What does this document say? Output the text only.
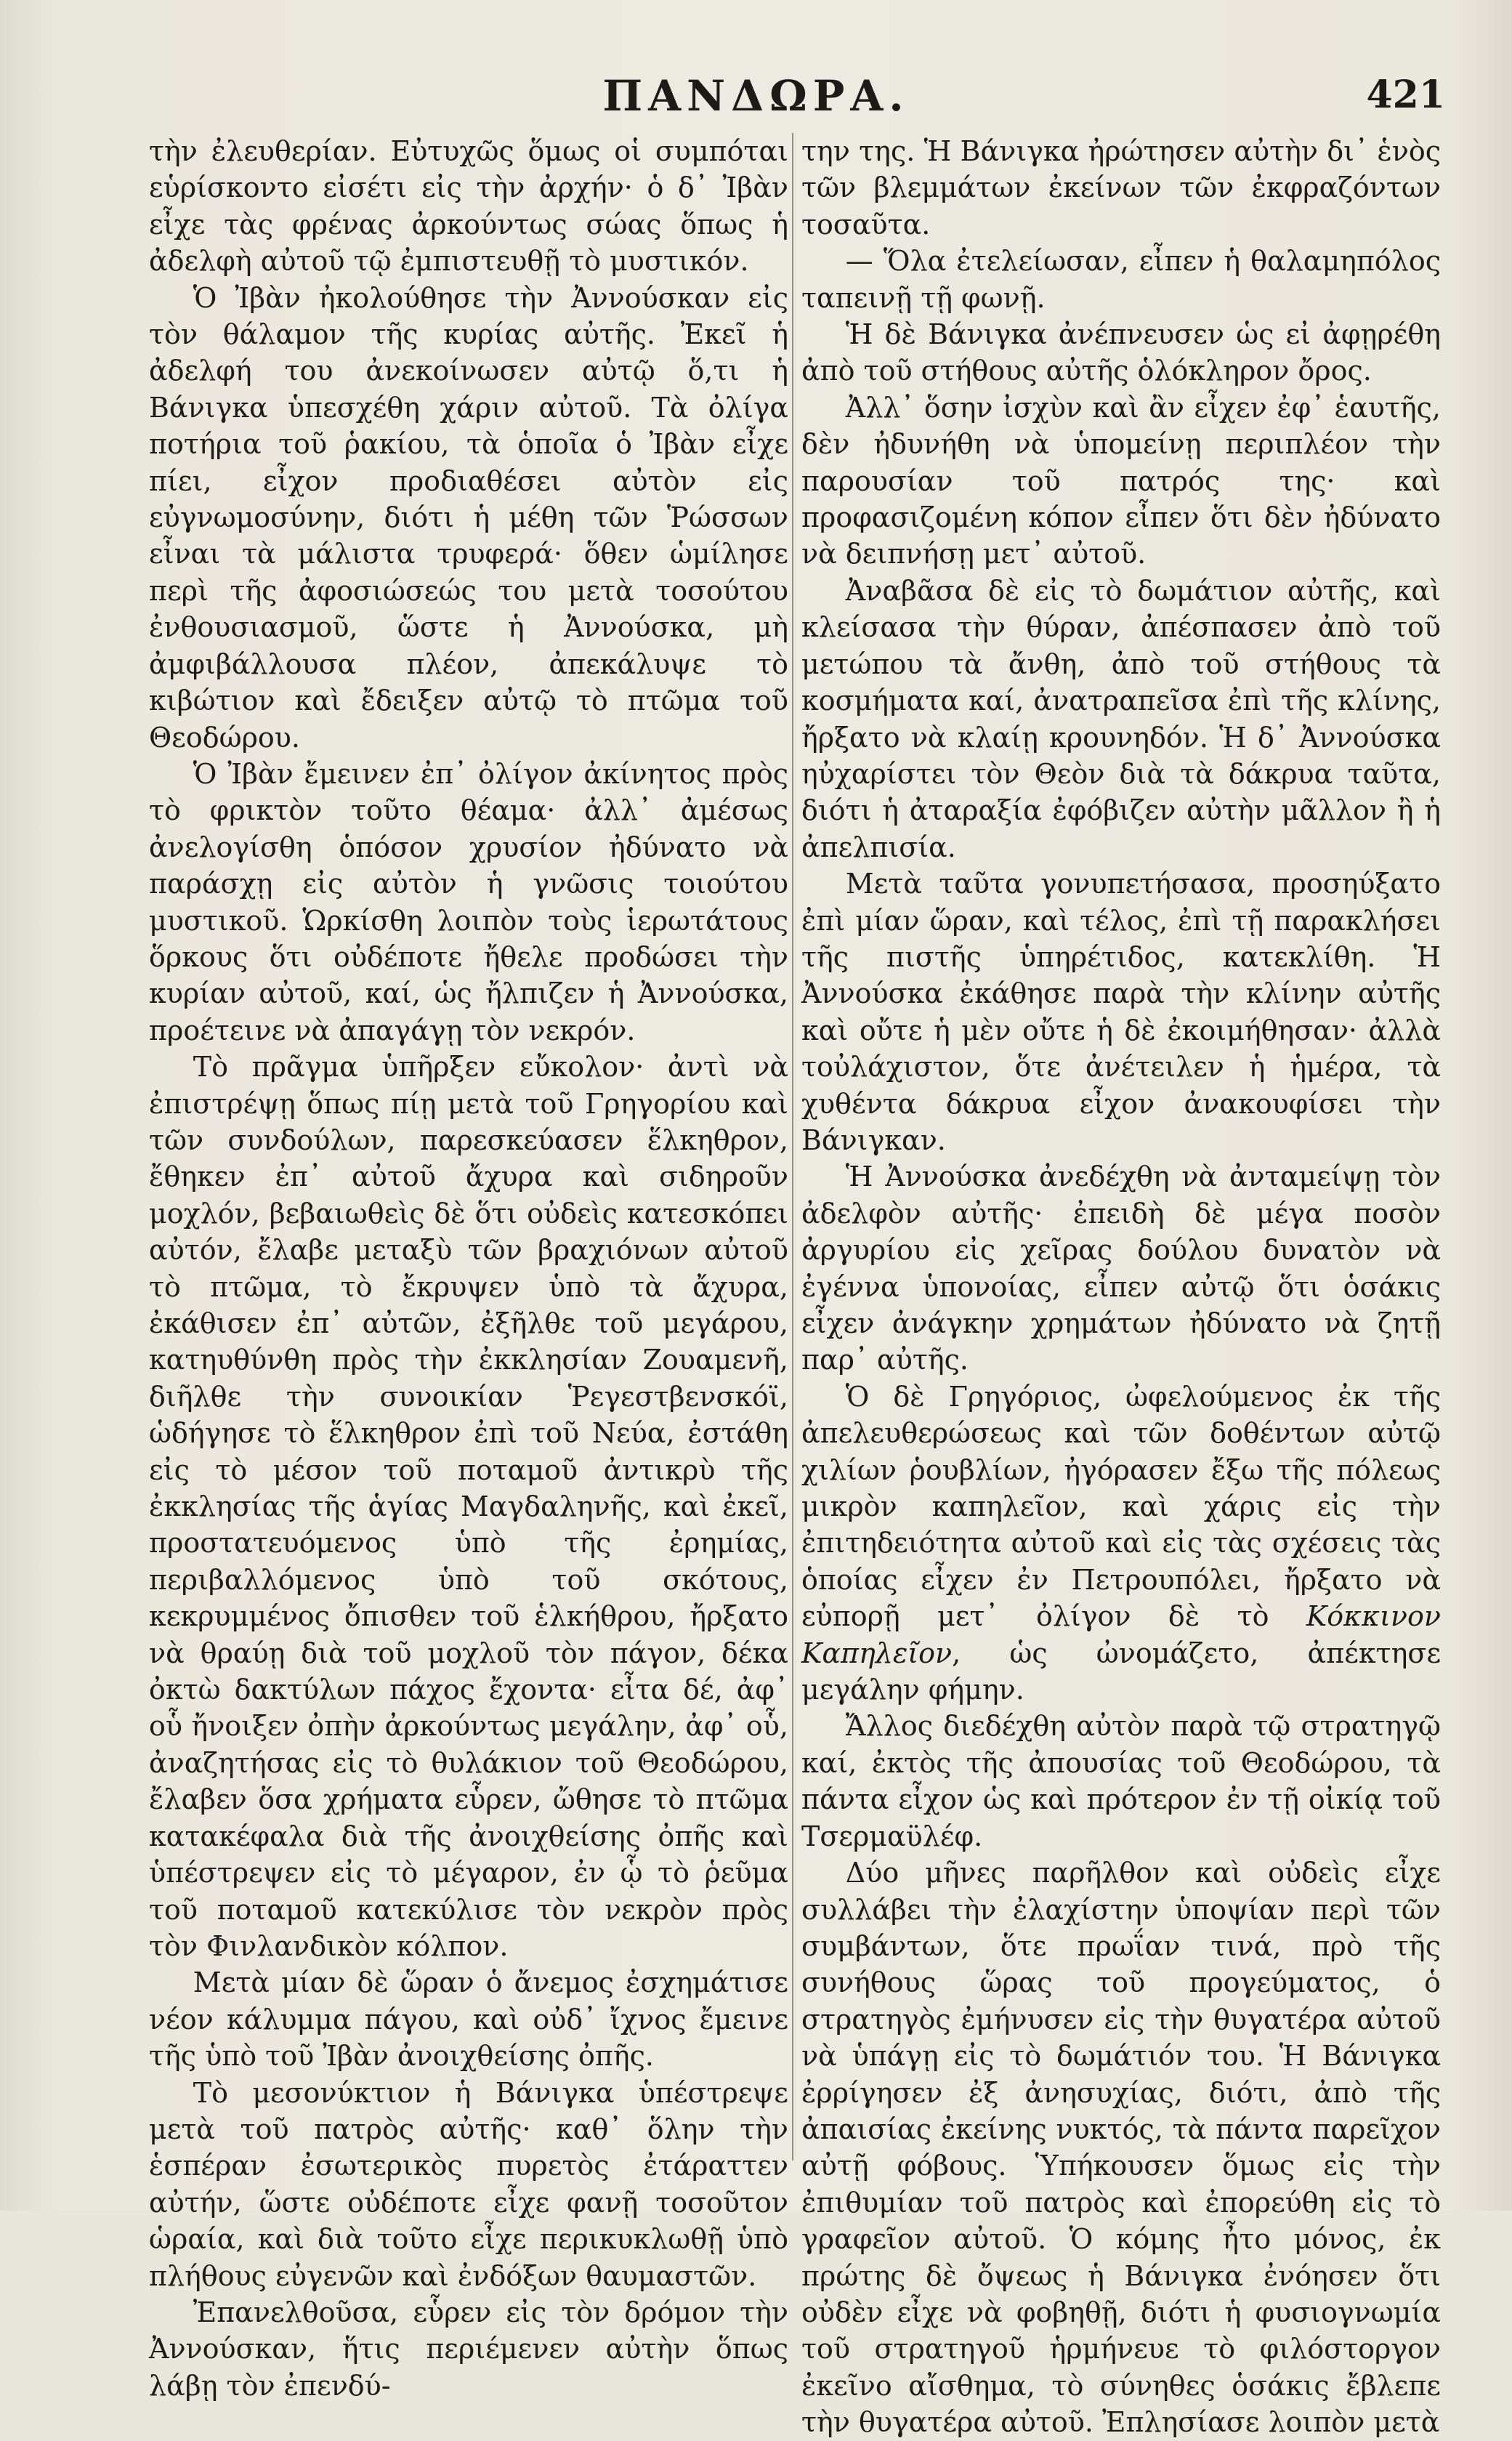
ΠΑΝΔΩΡΑ.	421

τὴν ἐλευθερίαν. Εὐτυχῶς ὅμως οἱ συμπόται εὑρίσκοντο εἰσέτι εἰς τὴν ἀρχήν· ὁ δ᾿ Ἰβὰν εἶχε τὰς φρένας ἀρκούντως σώας ὅπως ἡ ἀδελφὴ αὐτοῦ τῷ ἐμπιστευθῇ τὸ μυστικόν.

Ὁ Ἰβὰν ἠκολούθησε τὴν Ἀννούσκαν εἰς τὸν θάλαμον τῆς κυρίας αὐτῆς. Ἐκεῖ ἡ ἀδελφή του ἀνεκοίνωσεν αὐτῷ ὅ,τι ἡ Βάνιγκα ὑπεσχέθη χάριν αὐτοῦ. Τὰ ὀλίγα ποτήρια τοῦ ῥακίου, τὰ ὁποῖα ὁ Ἰβὰν εἶχε πίει, εἶχον προδιαθέσει αὐτὸν εἰς εὐγνωμοσύνην, διότι ἡ μέθη τῶν Ῥώσσων εἶναι τὰ μάλιστα τρυφερά· ὅθεν ὡμίλησε περὶ τῆς ἀφοσιώσεώς του μετὰ τοσούτου ἐνθουσιασμοῦ, ὥστε ἡ Ἀννούσκα, μὴ ἀμφιβάλλουσα πλέον, ἀπεκάλυψε τὸ κιβώτιον καὶ ἔδειξεν αὐτῷ τὸ πτῶμα τοῦ Θεοδώρου.

Ὁ Ἰβὰν ἔμεινεν ἐπ᾿ ὀλίγον ἀκίνητος πρὸς τὸ φρικτὸν τοῦτο θέαμα· ἀλλ᾿ ἀμέσως ἀνελογίσθη ὁπόσον χρυσίον ἠδύνατο νὰ παράσχῃ εἰς αὐτὸν ἡ γνῶσις τοιούτου μυστικοῦ. Ὡρκίσθη λοιπὸν τοὺς ἱερωτάτους ὅρκους ὅτι οὐδέποτε ἤθελε προδώσει τὴν κυρίαν αὐτοῦ, καί, ὡς ἤλπιζεν ἡ Ἀννούσκα, προέτεινε νὰ ἀπαγάγῃ τὸν νεκρόν.

Τὸ πρᾶγμα ὑπῆρξεν εὔκολον· ἀντὶ νὰ ἐπιστρέψῃ ὅπως πίῃ μετὰ τοῦ Γρηγορίου καὶ τῶν συνδούλων, παρεσκεύασεν ἕλκηθρον, ἔθηκεν ἐπ᾿ αὐτοῦ ἄχυρα καὶ σιδηροῦν μοχλόν, βεβαιωθεὶς δὲ ὅτι οὐδεὶς κατεσκόπει αὐτόν, ἔλαβε μεταξὺ τῶν βραχιόνων αὐτοῦ τὸ πτῶμα, τὸ ἔκρυψεν ὑπὸ τὰ ἄχυρα, ἐκάθισεν ἐπ᾿ αὐτῶν, ἐξῆλθε τοῦ μεγάρου, κατηυθύνθη πρὸς τὴν ἐκκλησίαν Ζουαμενῆ, διῆλθε τὴν συνοικίαν Ῥεγεστβενσκόϊ, ὡδήγησε τὸ ἕλκηθρον ἐπὶ τοῦ Νεύα, ἐστάθη εἰς τὸ μέσον τοῦ ποταμοῦ ἀντικρὺ τῆς ἐκκλησίας τῆς ἁγίας Μαγδαληνῆς, καὶ ἐκεῖ, προστατευόμενος ὑπὸ τῆς ἐρημίας, περιβαλλόμενος ὑπὸ τοῦ σκότους, κεκρυμμένος ὄπισθεν τοῦ ἑλκήθρου, ἤρξατο νὰ θραύῃ διὰ τοῦ μοχλοῦ τὸν πάγον, δέκα ὀκτὼ δακτύλων πάχος ἔχοντα· εἶτα δέ, ἀφ᾿ οὗ ἤνοιξεν ὀπὴν ἀρκούντως μεγάλην, ἀφ᾿ οὗ, ἀναζητήσας εἰς τὸ θυλάκιον τοῦ Θεοδώρου, ἔλαβεν ὅσα χρήματα εὗρεν, ὤθησε τὸ πτῶμα κατακέφαλα διὰ τῆς ἀνοιχθείσης ὀπῆς καὶ ὑπέστρεψεν εἰς τὸ μέγαρον, ἐν ᾧ τὸ ῥεῦμα τοῦ ποταμοῦ κατεκύλισε τὸν νεκρὸν πρὸς τὸν Φινλανδικὸν κόλπον.

Μετὰ μίαν δὲ ὥραν ὁ ἄνεμος ἐσχημάτισε νέον κάλυμμα πάγου, καὶ οὐδ᾿ ἴχνος ἔμεινε τῆς ὑπὸ τοῦ Ἰβὰν ἀνοιχθείσης ὀπῆς.

Τὸ μεσονύκτιον ἡ Βάνιγκα ὑπέστρεψε μετὰ τοῦ πατρὸς αὐτῆς· καθ᾿ ὅλην τὴν ἑσπέραν ἐσωτερικὸς πυρετὸς ἐτάραττεν αὐτήν, ὥστε οὐδέποτε εἶχε φανῇ τοσοῦτον ὡραία, καὶ διὰ τοῦτο εἶχε περικυκλωθῇ ὑπὸ πλήθους εὐγενῶν καὶ ἐνδόξων θαυμαστῶν.

Ἐπανελθοῦσα, εὗρεν εἰς τὸν δρόμον τὴν Ἀννούσκαν, ἥτις περιέμενεν αὐτὴν ὅπως λάβῃ τὸν ἐπενδύ-

την της. Ἡ Βάνιγκα ἠρώτησεν αὐτὴν δι᾿ ἑνὸς τῶν βλεμμάτων ἐκείνων τῶν ἐκφραζόντων τοσαῦτα.

— Ὅλα ἐτελείωσαν, εἶπεν ἡ θαλαμηπόλος ταπεινῇ τῇ φωνῇ.

Ἡ δὲ Βάνιγκα ἀνέπνευσεν ὡς εἰ ἀφῃρέθη ἀπὸ τοῦ στήθους αὐτῆς ὁλόκληρον ὄρος.

Ἀλλ᾿ ὅσην ἰσχὺν καὶ ἂν εἶχεν ἐφ᾿ ἑαυτῆς, δὲν ἠδυνήθη νὰ ὑπομείνῃ περιπλέον τὴν παρουσίαν τοῦ πατρός της· καὶ προφασιζομένη κόπον εἶπεν ὅτι δὲν ἠδύνατο νὰ δειπνήσῃ μετ᾿ αὐτοῦ.

Ἀναβᾶσα δὲ εἰς τὸ δωμάτιον αὐτῆς, καὶ κλείσασα τὴν θύραν, ἀπέσπασεν ἀπὸ τοῦ μετώπου τὰ ἄνθη, ἀπὸ τοῦ στήθους τὰ κοσμήματα καί, ἀνατραπεῖσα ἐπὶ τῆς κλίνης, ἤρξατο νὰ κλαίῃ κρουνηδόν. Ἡ δ᾿ Ἀννούσκα ηὐχαρίστει τὸν Θεὸν διὰ τὰ δάκρυα ταῦτα, διότι ἡ ἀταραξία ἐφόβιζεν αὐτὴν μᾶλλον ἢ ἡ ἀπελπισία.

Μετὰ ταῦτα γονυπετήσασα, προσηύξατο ἐπὶ μίαν ὥραν, καὶ τέλος, ἐπὶ τῇ παρακλήσει τῆς πιστῆς ὑπηρέτιδος, κατεκλίθη. Ἡ Ἀννούσκα ἐκάθησε παρὰ τὴν κλίνην αὐτῆς καὶ οὔτε ἡ μὲν οὔτε ἡ δὲ ἐκοιμήθησαν· ἀλλὰ τοὐλάχιστον, ὅτε ἀνέτειλεν ἡ ἡμέρα, τὰ χυθέντα δάκρυα εἶχον ἀνακουφίσει τὴν Βάνιγκαν.

Ἡ Ἀννούσκα ἀνεδέχθη νὰ ἀνταμείψῃ τὸν ἀδελφὸν αὐτῆς· ἐπειδὴ δὲ μέγα ποσὸν ἀργυρίου εἰς χεῖρας δούλου δυνατὸν νὰ ἐγέννα ὑπονοίας, εἶπεν αὐτῷ ὅτι ὁσάκις εἶχεν ἀνάγκην χρημάτων ἠδύνατο νὰ ζητῇ παρ᾿ αὐτῆς.

Ὁ δὲ Γρηγόριος, ὠφελούμενος ἐκ τῆς ἀπελευθερώσεως καὶ τῶν δοθέντων αὐτῷ χιλίων ῥουβλίων, ἠγόρασεν ἔξω τῆς πόλεως μικρὸν καπηλεῖον, καὶ χάρις εἰς τὴν ἐπιτηδειότητα αὐτοῦ καὶ εἰς τὰς σχέσεις τὰς ὁποίας εἶχεν ἐν Πετρουπόλει, ἤρξατο νὰ εὐπορῇ μετ᾿ ὀλίγον δὲ τὸ Κόκκινον Καπηλεῖον, ὡς ὠνομάζετο, ἀπέκτησε μεγάλην φήμην.

Ἄλλος διεδέχθη αὐτὸν παρὰ τῷ στρατηγῷ καί, ἐκτὸς τῆς ἀπουσίας τοῦ Θεοδώρου, τὰ πάντα εἶχον ὡς καὶ πρότερον ἐν τῇ οἰκίᾳ τοῦ Τσερμαϋλέφ.

Δύο μῆνες παρῆλθον καὶ οὐδεὶς εἶχε συλλάβει τὴν ἐλαχίστην ὑποψίαν περὶ τῶν συμβάντων, ὅτε πρωΐαν τινά, πρὸ τῆς συνήθους ὥρας τοῦ προγεύματος, ὁ στρατηγὸς ἐμήνυσεν εἰς τὴν θυγατέρα αὐτοῦ νὰ ὑπάγῃ εἰς τὸ δωμάτιόν του. Ἡ Βάνιγκα ἐρρίγησεν ἐξ ἀνησυχίας, διότι, ἀπὸ τῆς ἀπαισίας ἐκείνης νυκτός, τὰ πάντα παρεῖχον αὐτῇ φόβους. Ὑπήκουσεν ὅμως εἰς τὴν ἐπιθυμίαν τοῦ πατρὸς καὶ ἐπορεύθη εἰς τὸ γραφεῖον αὐτοῦ. Ὁ κόμης ἦτο μόνος, ἐκ πρώτης δὲ ὄψεως ἡ Βάνιγκα ἐνόησεν ὅτι οὐδὲν εἶχε νὰ φοβηθῇ, διότι ἡ φυσιογνωμία τοῦ στρατηγοῦ ἡρμήνευε τὸ φιλόστοργον ἐκεῖνο αἴσθημα, τὸ σύνηθες ὁσάκις ἔβλεπε τὴν θυγατέρα αὐτοῦ. Ἐπλησίασε λοιπὸν μετὰ
